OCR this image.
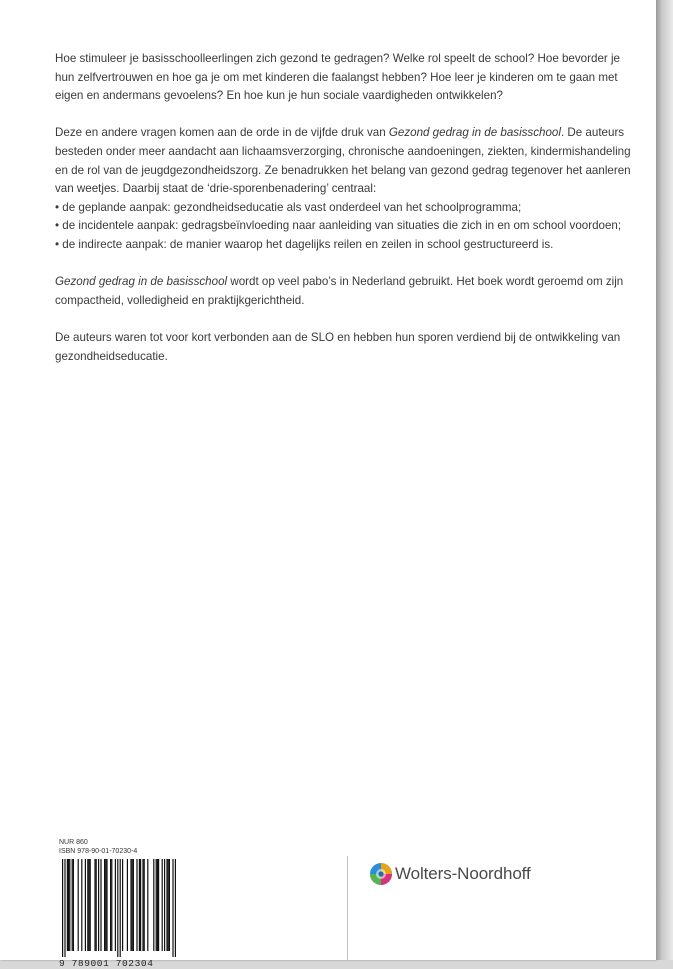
Hoe stimuleer je basisschoolleerlingen zich gezond te gedragen? Welke rol speelt de school? Hoe bevorder je
hun zelfvertrouwen en hoe ga je om met kinderen die faalangst hebben? Hoe leer je kinderen om te gaan met
eigen en andermans gevoelens? En hoe kun je hun sociale vaardigheden ontwikkelen?

Deze en andere vragen komen aan de orde in de vijfde druk van Gezond gedrag in de basisschool. De auteurs
besteden onder meer aandacht aan lichaamsverzorging, chronische aandoeningen, ziekten, kindermishandeling
en de rol van de jeugdgezondheidszorg. Ze benadrukken het belang van gezond gedrag tegenover het aanleren
van weetjes. Daarbij staat de ‘drie-sporenbenadering’ centraal:
• de geplande aanpak: gezondheidseducatie als vast onderdeel van het schoolprogramma;
• de incidentele aanpak: gedragsbeïnvloeding naar aanleiding van situaties die zich in en om school voordoen;
• de indirecte aanpak: de manier waarop het dagelijks reilen en zeilen in school gestructureerd is.

Gezond gedrag in de basisschool wordt op veel pabo’s in Nederland gebruikt. Het boek wordt geroemd om zijn
compactheid, volledigheid en praktijkgerichtheid.

De auteurs waren tot voor kort verbonden aan de SLO en hebben hun sporen verdiend bij de ontwikkeling van
gezondheidseducatie.

NUR 860
ISBN 978-90-01-70230-4
9 789001 702304
Wolters-Noordhoff
